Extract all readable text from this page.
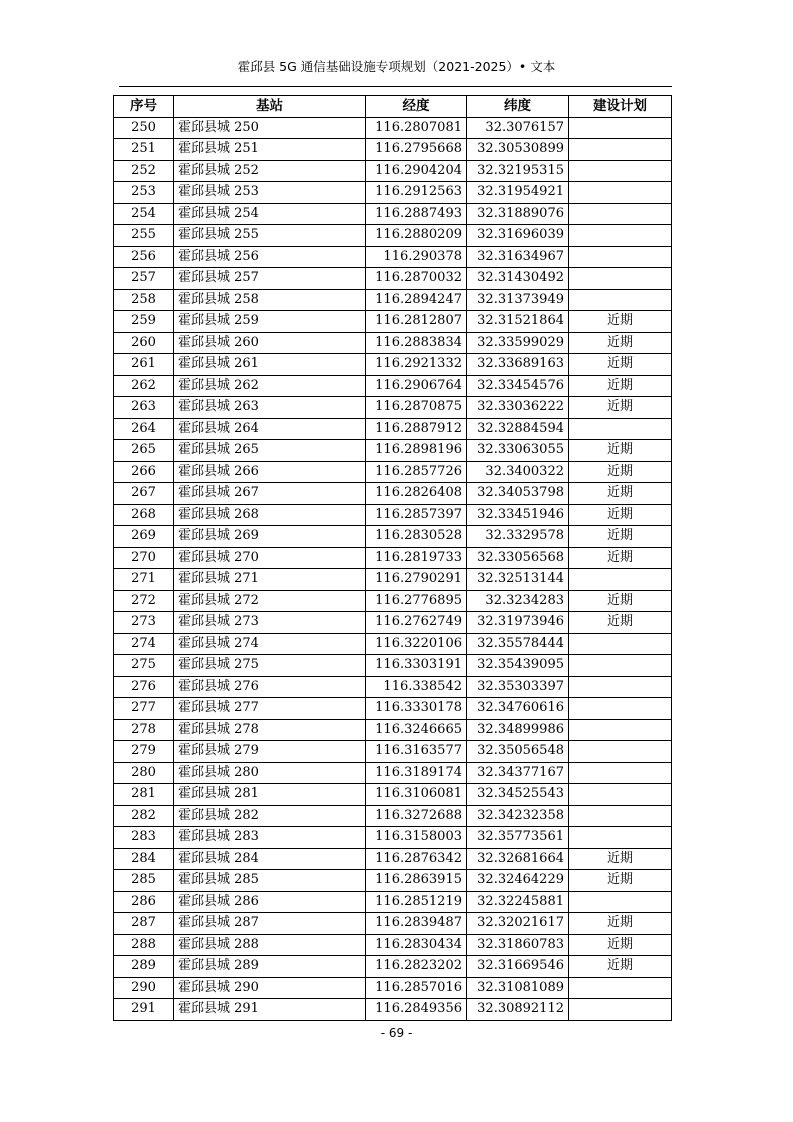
霍邱县 5G 通信基础设施专项规划（2021-2025）• 文本
序号	基站	经度	纬度	建设计划
250	霍邱县城 250	116.2807081	32.3076157	
251	霍邱县城 251	116.2795668	32.30530899	
252	霍邱县城 252	116.2904204	32.32195315	
253	霍邱县城 253	116.2912563	32.31954921	
254	霍邱县城 254	116.2887493	32.31889076	
255	霍邱县城 255	116.2880209	32.31696039	
256	霍邱县城 256	116.290378	32.31634967	
257	霍邱县城 257	116.2870032	32.31430492	
258	霍邱县城 258	116.2894247	32.31373949	
259	霍邱县城 259	116.2812807	32.31521864	近期
260	霍邱县城 260	116.2883834	32.33599029	近期
261	霍邱县城 261	116.2921332	32.33689163	近期
262	霍邱县城 262	116.2906764	32.33454576	近期
263	霍邱县城 263	116.2870875	32.33036222	近期
264	霍邱县城 264	116.2887912	32.32884594	
265	霍邱县城 265	116.2898196	32.33063055	近期
266	霍邱县城 266	116.2857726	32.3400322	近期
267	霍邱县城 267	116.2826408	32.34053798	近期
268	霍邱县城 268	116.2857397	32.33451946	近期
269	霍邱县城 269	116.2830528	32.3329578	近期
270	霍邱县城 270	116.2819733	32.33056568	近期
271	霍邱县城 271	116.2790291	32.32513144	
272	霍邱县城 272	116.2776895	32.3234283	近期
273	霍邱县城 273	116.2762749	32.31973946	近期
274	霍邱县城 274	116.3220106	32.35578444	
275	霍邱县城 275	116.3303191	32.35439095	
276	霍邱县城 276	116.338542	32.35303397	
277	霍邱县城 277	116.3330178	32.34760616	
278	霍邱县城 278	116.3246665	32.34899986	
279	霍邱县城 279	116.3163577	32.35056548	
280	霍邱县城 280	116.3189174	32.34377167	
281	霍邱县城 281	116.3106081	32.34525543	
282	霍邱县城 282	116.3272688	32.34232358	
283	霍邱县城 283	116.3158003	32.35773561	
284	霍邱县城 284	116.2876342	32.32681664	近期
285	霍邱县城 285	116.2863915	32.32464229	近期
286	霍邱县城 286	116.2851219	32.32245881	
287	霍邱县城 287	116.2839487	32.32021617	近期
288	霍邱县城 288	116.2830434	32.31860783	近期
289	霍邱县城 289	116.2823202	32.31669546	近期
290	霍邱县城 290	116.2857016	32.31081089	
291	霍邱县城 291	116.2849356	32.30892112	
- 69 -
